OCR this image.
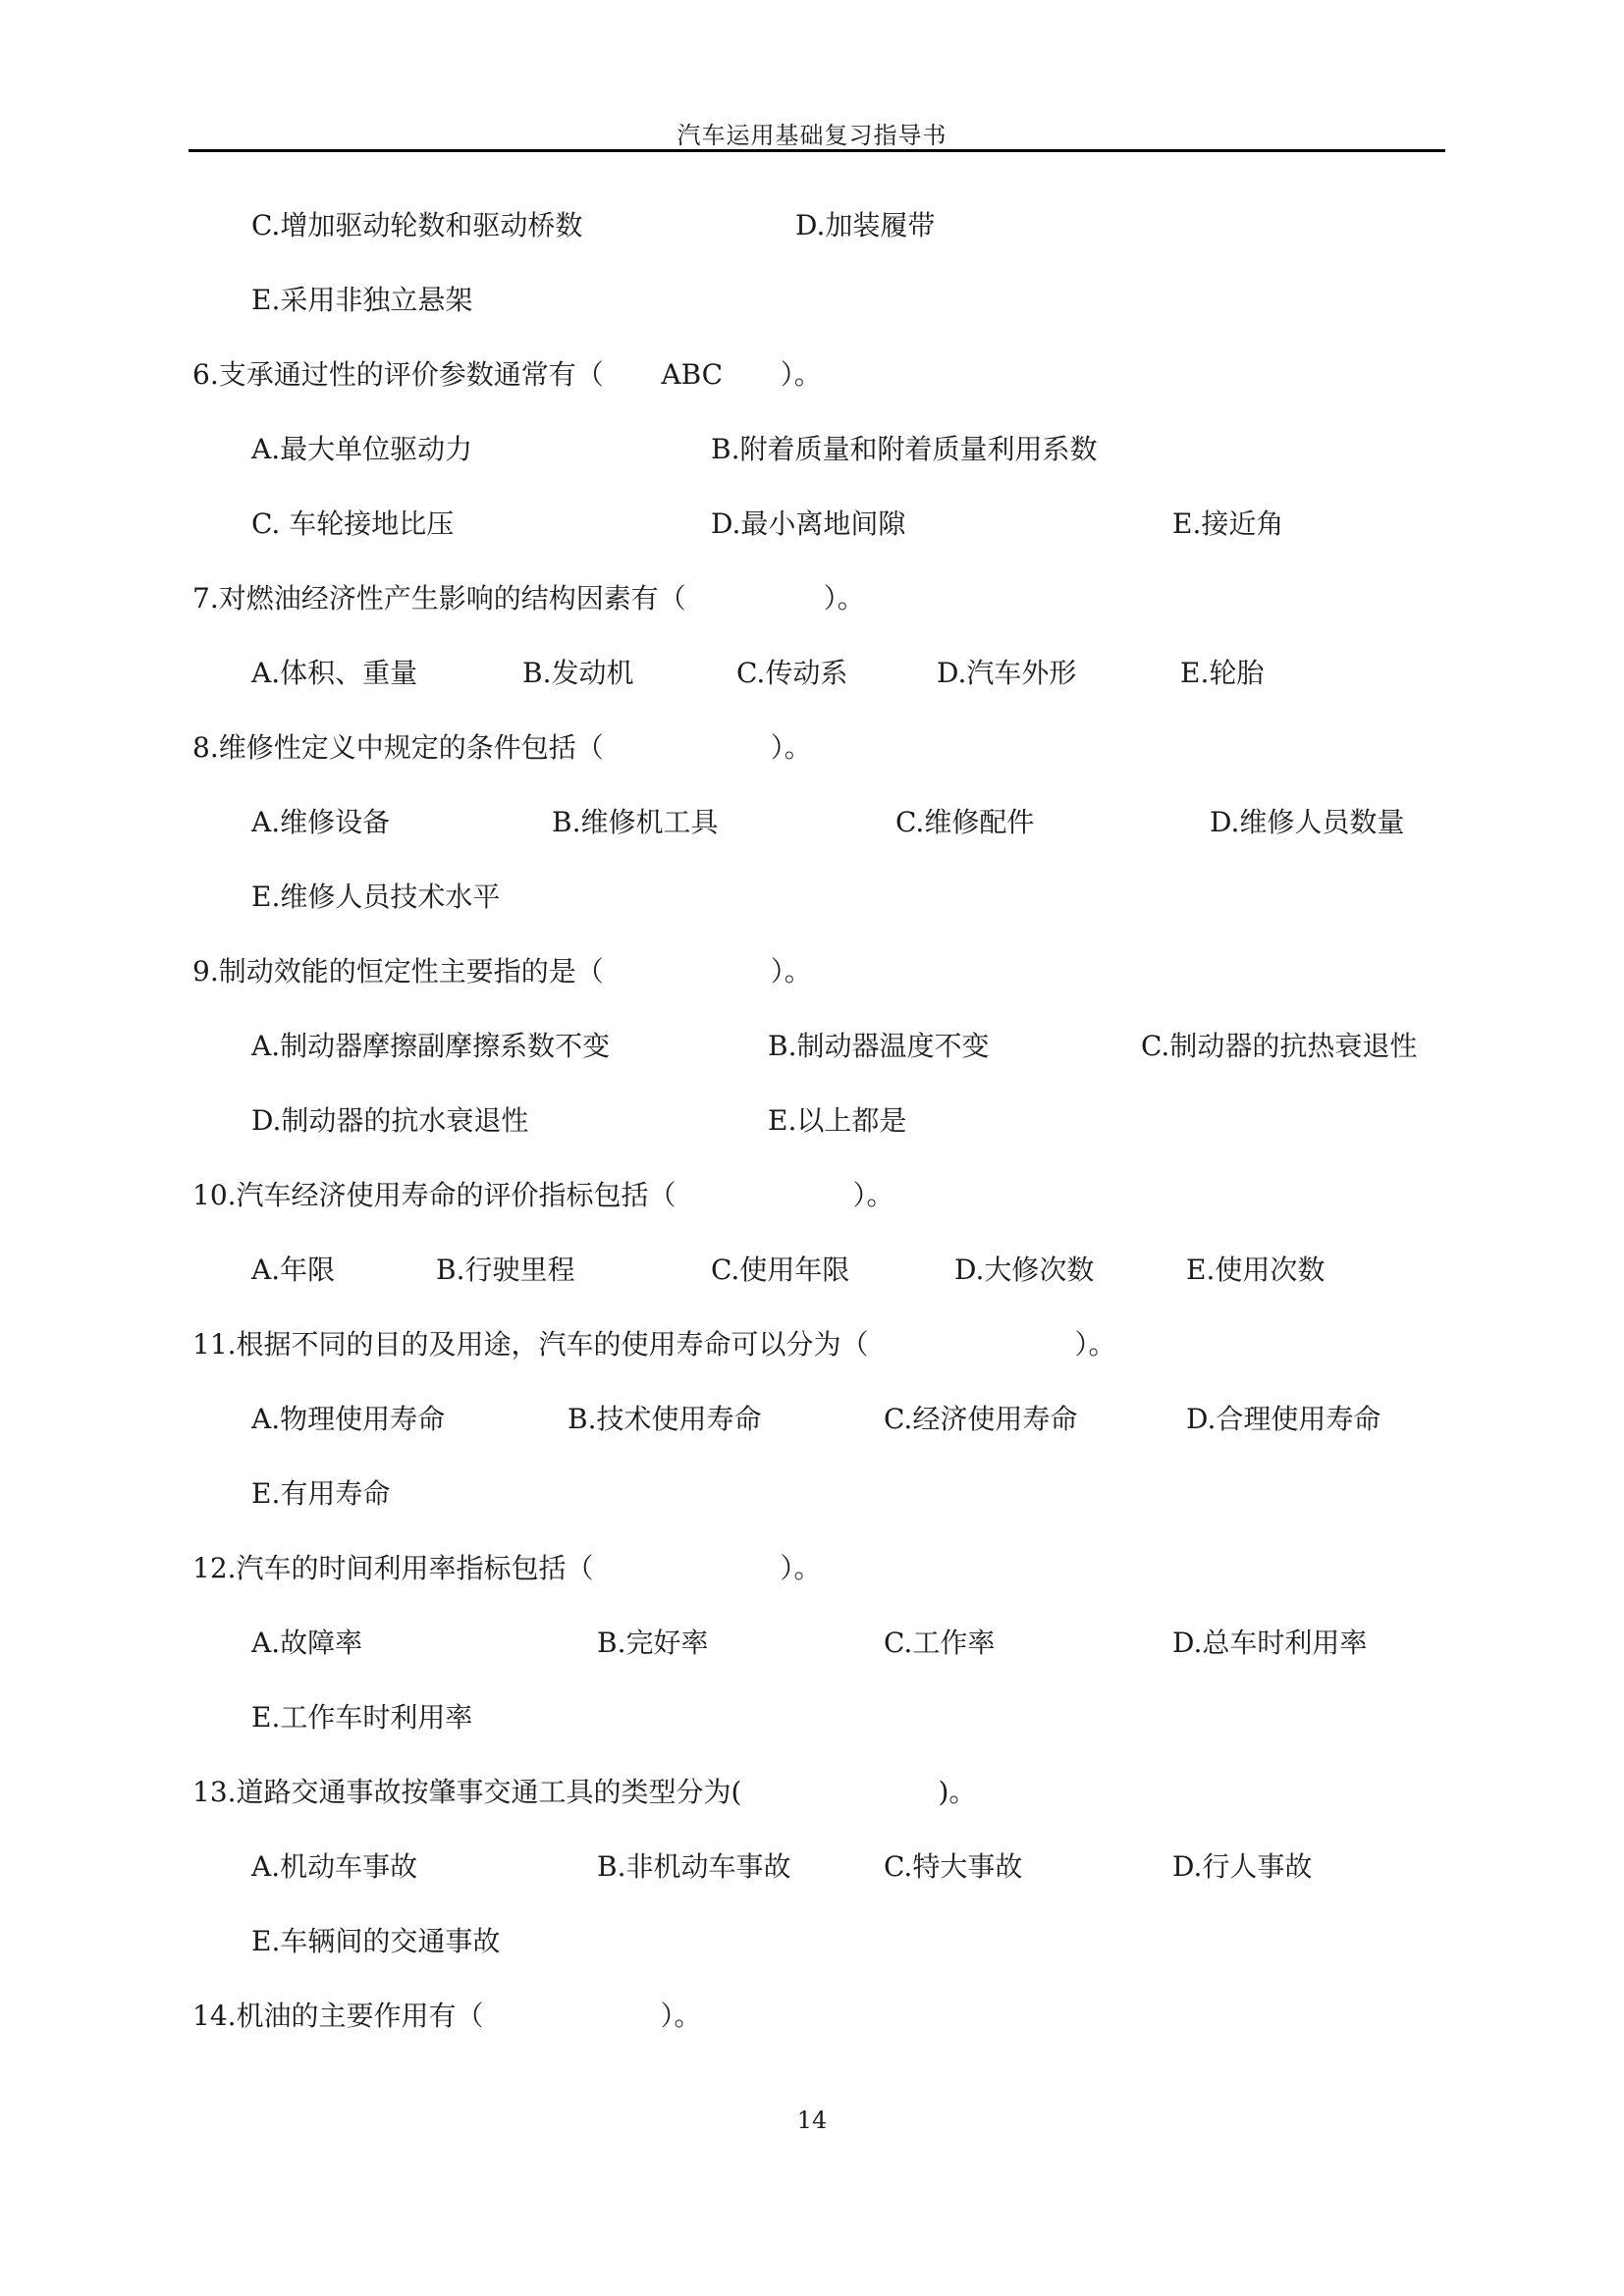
汽车运用基础复习指导书
C.增加驱动轮数和驱动桥数	D.加装履带
E.采用非独立悬架
6.支承通过性的评价参数通常有（ ABC ）。
A.最大单位驱动力	B.附着质量和附着质量利用系数
C. 车轮接地比压	D.最小离地间隙	E.接近角
7.对燃油经济性产生影响的结构因素有（	）。
A.体积、重量	B.发动机	C.传动系	D.汽车外形	E.轮胎
8.维修性定义中规定的条件包括（	）。
A.维修设备	B.维修机工具	C.维修配件	D.维修人员数量
E.维修人员技术水平
9.制动效能的恒定性主要指的是（	）。
A.制动器摩擦副摩擦系数不变	B.制动器温度不变	C.制动器的抗热衰退性
D.制动器的抗水衰退性	E.以上都是
10.汽车经济使用寿命的评价指标包括（	）。
A.年限	B.行驶里程	C.使用年限	D.大修次数	E.使用次数
11.根据不同的目的及用途，汽车的使用寿命可以分为（	）。
A.物理使用寿命	B.技术使用寿命	C.经济使用寿命	D.合理使用寿命
E.有用寿命
12.汽车的时间利用率指标包括（	）。
A.故障率	B.完好率	C.工作率	D.总车时利用率
E.工作车时利用率
13.道路交通事故按肇事交通工具的类型分为(	)。
A.机动车事故	B.非机动车事故	C.特大事故	D.行人事故
E.车辆间的交通事故
14.机油的主要作用有（	）。
14
